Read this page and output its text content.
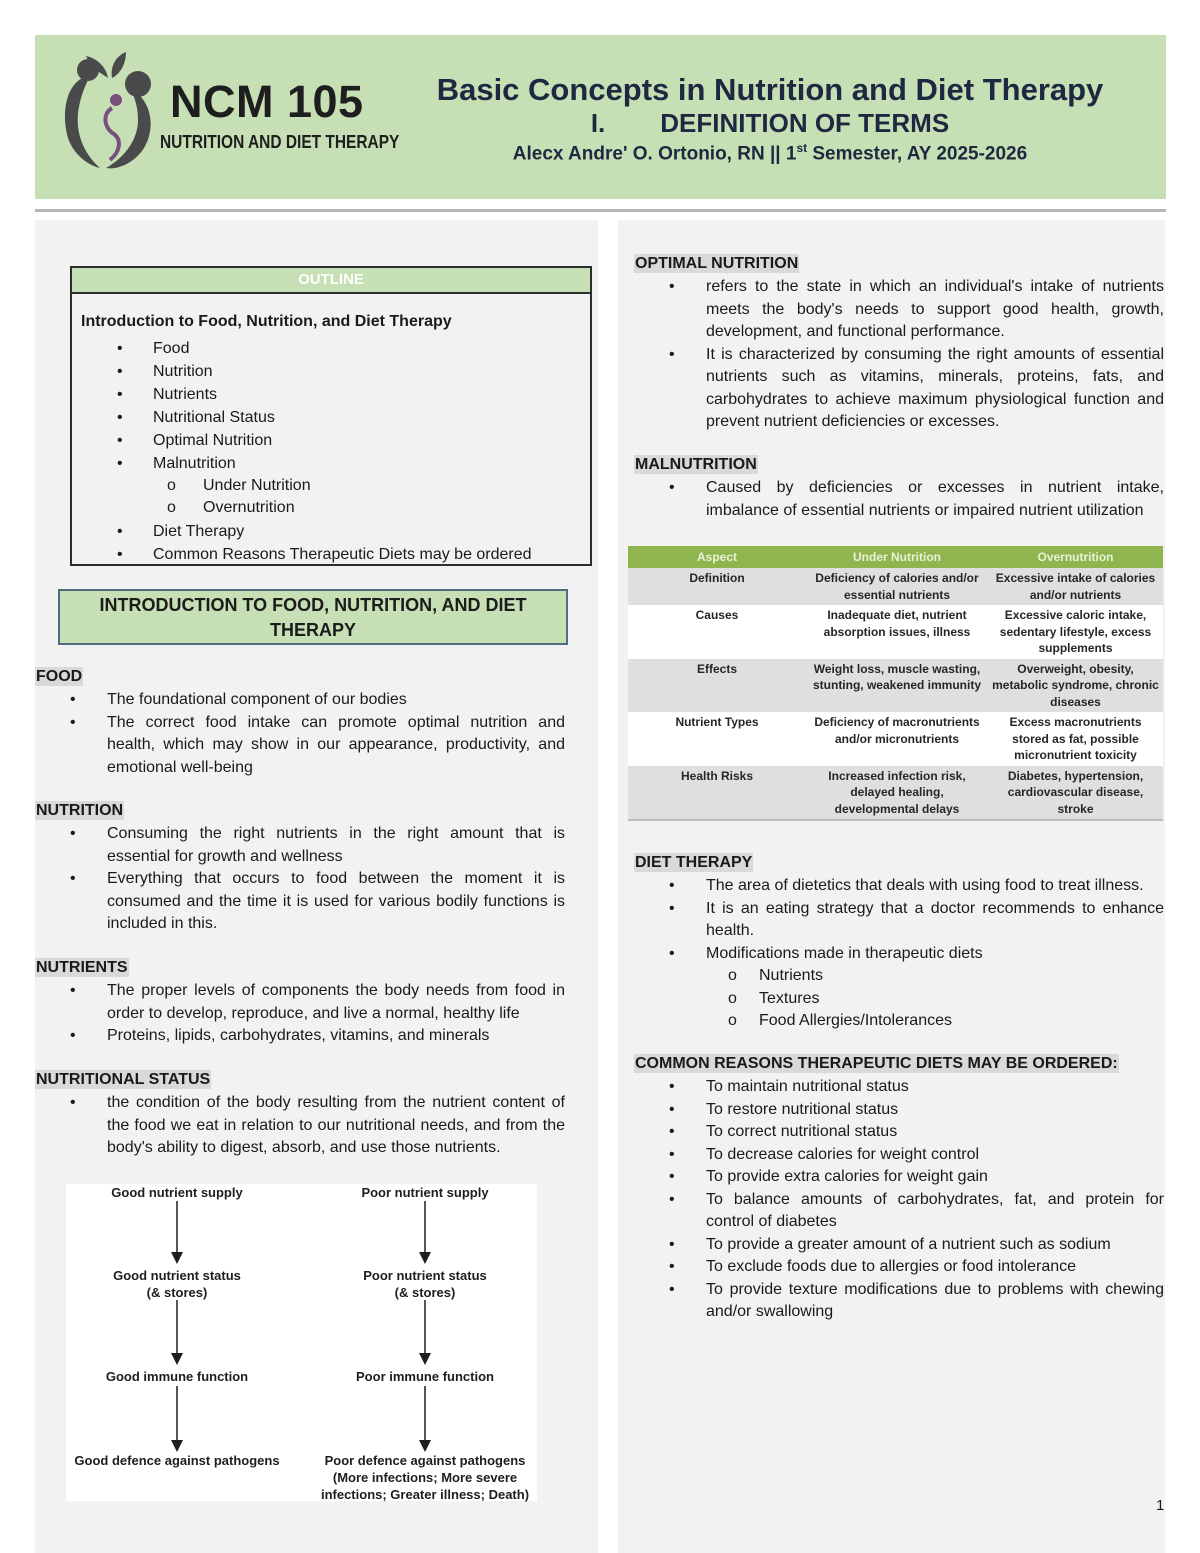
NCM 105
NUTRITION AND DIET THERAPY
Basic Concepts in Nutrition and Diet Therapy
I. DEFINITION OF TERMS
Alecx Andre' O. Ortonio, RN || 1st Semester, AY 2025-2026
OUTLINE
Introduction to Food, Nutrition, and Diet Therapy
• Food
• Nutrition
• Nutrients
• Nutritional Status
• Optimal Nutrition
• Malnutrition
o Under Nutrition
o Overnutrition
• Diet Therapy
• Common Reasons Therapeutic Diets may be ordered
INTRODUCTION TO FOOD, NUTRITION, AND DIET
THERAPY
FOOD
• The foundational component of our bodies
• The correct food intake can promote optimal nutrition and health, which may show in our appearance, productivity, and emotional well-being
NUTRITION
• Consuming the right nutrients in the right amount that is essential for growth and wellness
• Everything that occurs to food between the moment it is consumed and the time it is used for various bodily functions is included in this.
NUTRIENTS
• The proper levels of components the body needs from food in order to develop, reproduce, and live a normal, healthy life
• Proteins, lipids, carbohydrates, vitamins, and minerals
NUTRITIONAL STATUS
• the condition of the body resulting from the nutrient content of the food we eat in relation to our nutritional needs, and from the body's ability to digest, absorb, and use those nutrients.
Good nutrient supply
Good nutrient status
(& stores)
Good immune function
Good defence against pathogens
Poor nutrient supply
Poor nutrient status
(& stores)
Poor immune function
Poor defence against pathogens
(More infections; More severe
infections; Greater illness; Death)
OPTIMAL NUTRITION
• refers to the state in which an individual's intake of nutrients meets the body's needs to support good health, growth, development, and functional performance.
• It is characterized by consuming the right amounts of essential nutrients such as vitamins, minerals, proteins, fats, and carbohydrates to achieve maximum physiological function and prevent nutrient deficiencies or excesses.
MALNUTRITION
• Caused by deficiencies or excesses in nutrient intake, imbalance of essential nutrients or impaired nutrient utilization
Aspect	Under Nutrition	Overnutrition
Definition	Deficiency of calories and/or essential nutrients	Excessive intake of calories and/or nutrients
Causes	Inadequate diet, nutrient absorption issues, illness	Excessive caloric intake, sedentary lifestyle, excess supplements
Effects	Weight loss, muscle wasting, stunting, weakened immunity	Overweight, obesity, metabolic syndrome, chronic diseases
Nutrient Types	Deficiency of macronutrients and/or micronutrients	Excess macronutrients stored as fat, possible micronutrient toxicity
Health Risks	Increased infection risk, delayed healing, developmental delays	Diabetes, hypertension, cardiovascular disease, stroke
DIET THERAPY
• The area of dietetics that deals with using food to treat illness.
• It is an eating strategy that a doctor recommends to enhance health.
• Modifications made in therapeutic diets
o Nutrients
o Textures
o Food Allergies/Intolerances
COMMON REASONS THERAPEUTIC DIETS MAY BE ORDERED:
• To maintain nutritional status
• To restore nutritional status
• To correct nutritional status
• To decrease calories for weight control
• To provide extra calories for weight gain
• To balance amounts of carbohydrates, fat, and protein for control of diabetes
• To provide a greater amount of a nutrient such as sodium
• To exclude foods due to allergies or food intolerance
• To provide texture modifications due to problems with chewing and/or swallowing
1
